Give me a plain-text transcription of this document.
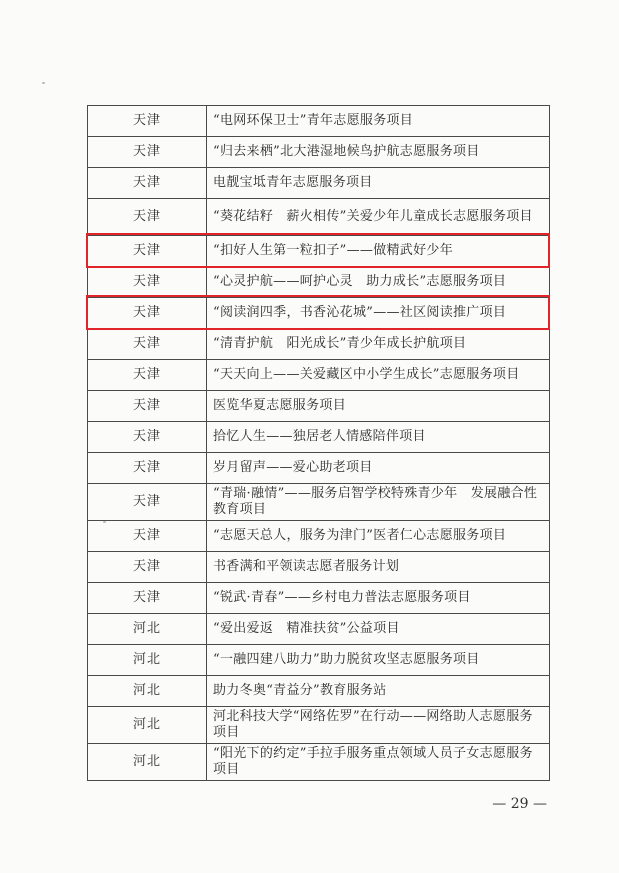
天津	“电网环保卫士”青年志愿服务项目
天津	“归去来栖”北大港湿地候鸟护航志愿服务项目
天津	电靓宝坻青年志愿服务项目
天津	“葵花结籽　薪火相传”关爱少年儿童成长志愿服务项目
天津	“扣好人生第一粒扣子”——做精武好少年
天津	“心灵护航——呵护心灵　助力成长”志愿服务项目
天津	“阅读润四季，书香沁花城”——社区阅读推广项目
天津	“清青护航　阳光成长”青少年成长护航项目
天津	“天天向上——关爱藏区中小学生成长”志愿服务项目
天津	医览华夏志愿服务项目
天津	拾忆人生——独居老人情感陪伴项目
天津	岁月留声——爱心助老项目
天津	“青瑞·融情”——服务启智学校特殊青少年　发展融合性教育项目
天津	“志愿天总人，服务为津门”医者仁心志愿服务项目
天津	书香满和平领读志愿者服务计划
天津	“锐武·青春”——乡村电力普法志愿服务项目
河北	“爱出爱返　精准扶贫”公益项目
河北	“一融四建八助力”助力脱贫攻坚志愿服务项目
河北	助力冬奥“青益分”教育服务站
河北	河北科技大学“网络佐罗”在行动——网络助人志愿服务项目
河北	“阳光下的约定”手拉手服务重点领域人员子女志愿服务项目
— 29 —
